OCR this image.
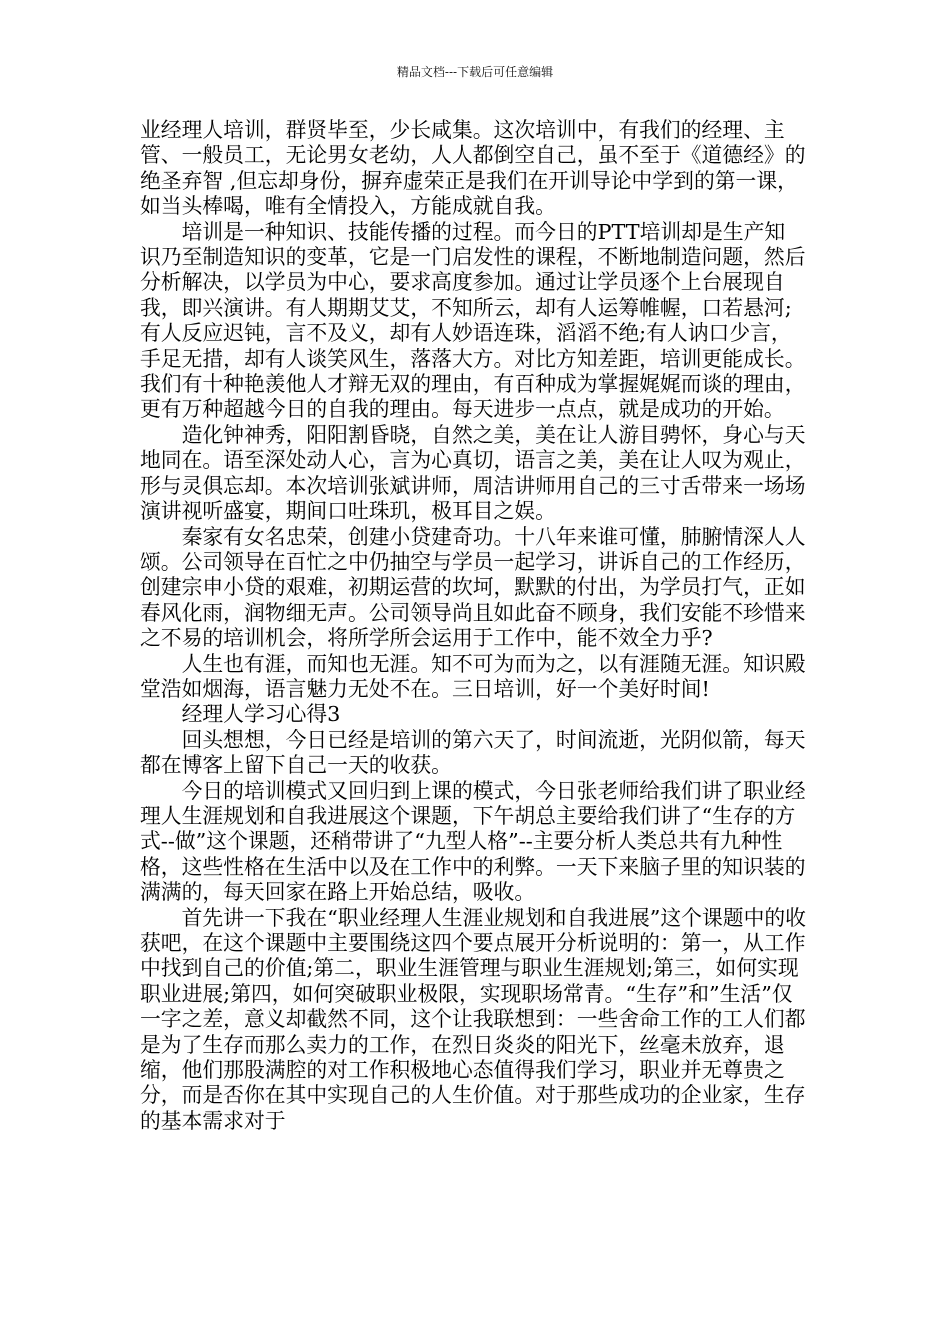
精品文档---下载后可任意编辑

业经理人培训，群贤毕至，少长咸集。这次培训中，有我们的经理、主管、一般员工，无论男女老幼，人人都倒空自己，虽不至于《道德经》的 绝圣弃智 ,但忘却身份，摒弃虚荣正是我们在开训导论中学到的第一课，如当头棒喝，唯有全情投入，方能成就自我。

培训是一种知识、技能传播的过程。而今日的PTT培训却是生产知识乃至制造知识的变革，它是一门启发性的课程，不断地制造问题，然后分析解决，以学员为中心，要求高度参加。通过让学员逐个上台展现自我，即兴演讲。有人期期艾艾，不知所云，却有人运筹帷幄，口若悬河;有人反应迟钝，言不及义，却有人妙语连珠，滔滔不绝;有人讷口少言，手足无措，却有人谈笑风生，落落大方。对比方知差距，培训更能成长。我们有十种艳羡他人才辩无双的理由，有百种成为掌握娓娓而谈的理由，更有万种超越今日的自我的理由。每天进步一点点，就是成功的开始。

造化钟神秀，阳阳割昏晓，自然之美，美在让人游目骋怀，身心与天地同在。语至深处动人心，言为心真切，语言之美，美在让人叹为观止，形与灵俱忘却。本次培训张斌讲师，周洁讲师用自己的三寸舌带来一场场演讲视听盛宴，期间口吐珠玑，极耳目之娱。

秦家有女名忠荣，创建小贷建奇功。十八年来谁可懂，肺腑情深人人颂。公司领导在百忙之中仍抽空与学员一起学习，讲诉自己的工作经历，创建宗申小贷的艰难，初期运营的坎坷，默默的付出，为学员打气，正如春风化雨，润物细无声。公司领导尚且如此奋不顾身，我们安能不珍惜来之不易的培训机会，将所学所会运用于工作中，能不效全力乎?

人生也有涯，而知也无涯。知不可为而为之，以有涯随无涯。知识殿堂浩如烟海，语言魅力无处不在。三日培训，好一个美好时间!

经理人学习心得3

回头想想，今日已经是培训的第六天了，时间流逝，光阴似箭，每天都在博客上留下自己一天的收获。

今日的培训模式又回归到上课的模式，今日张老师给我们讲了职业经理人生涯规划和自我进展这个课题，下午胡总主要给我们讲了“生存的方式--做”这个课题，还稍带讲了“九型人格”--主要分析人类总共有九种性格，这些性格在生活中以及在工作中的利弊。一天下来脑子里的知识装的满满的，每天回家在路上开始总结，吸收。

首先讲一下我在“职业经理人生涯业规划和自我进展”这个课题中的收获吧，在这个课题中主要围绕这四个要点展开分析说明的：第一，从工作中找到自己的价值;第二，职业生涯管理与职业生涯规划;第三，如何实现职业进展;第四，如何突破职业极限，实现职场常青。“生存”和”生活”仅一字之差，意义却截然不同，这个让我联想到：一些舍命工作的工人们都是为了生存而那么卖力的工作，在烈日炎炎的阳光下，丝毫未放弃，退缩，他们那股满腔的对工作积极地心态值得我们学习，职业并无尊贵之分，而是否你在其中实现自己的人生价值。对于那些成功的企业家，生存的基本需求对于
